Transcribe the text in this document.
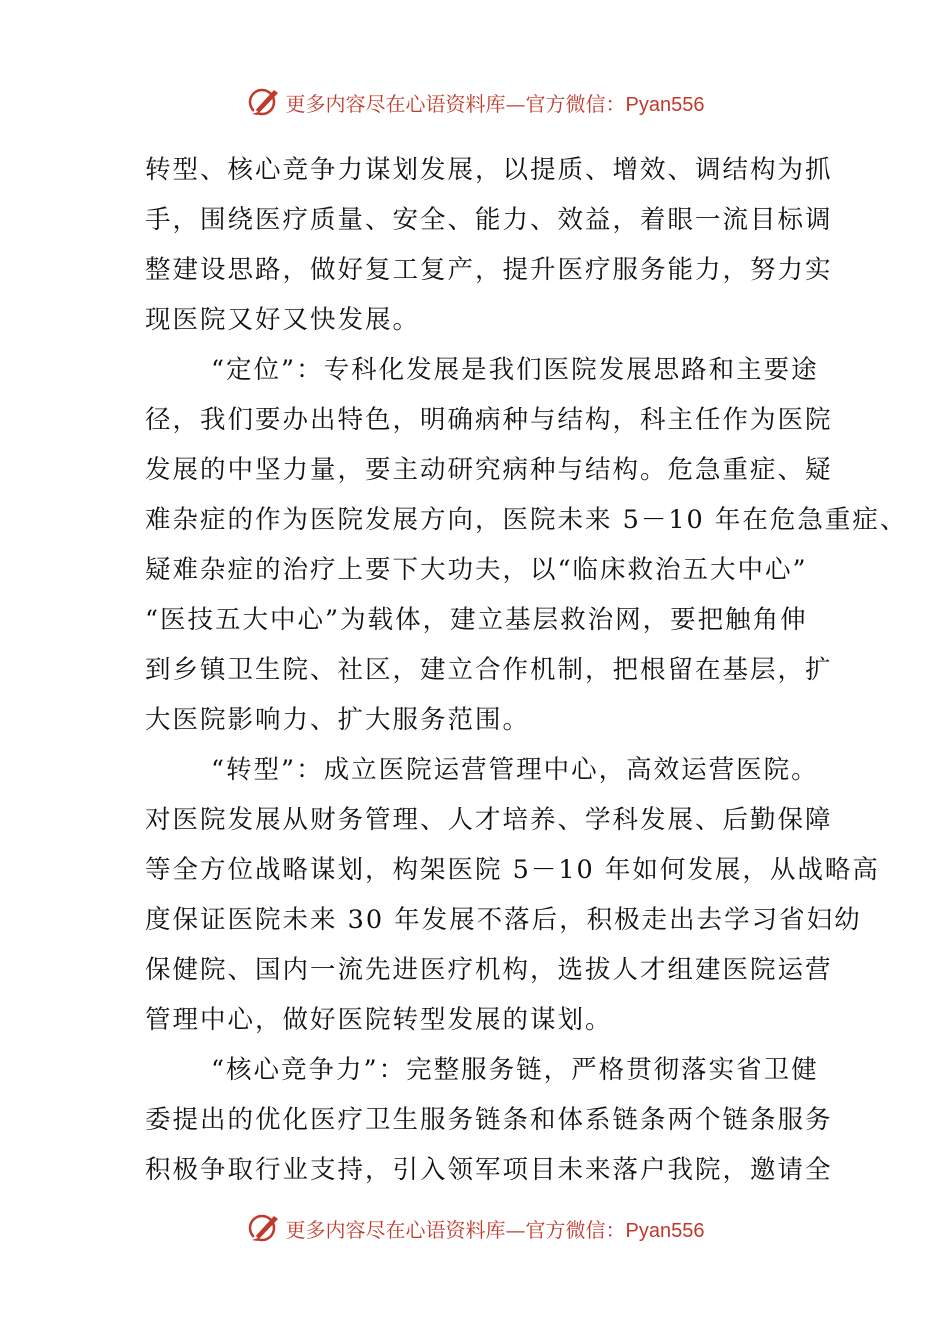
更多内容尽在心语资料库—官方微信：Pyan556
转型、核心竞争力谋划发展，以提质、增效、调结构为抓
手，围绕医疗质量、安全、能力、效益，着眼一流目标调
整建设思路，做好复工复产，提升医疗服务能力，努力实
现医院又好又快发展。
“定位”：专科化发展是我们医院发展思路和主要途
径，我们要办出特色，明确病种与结构，科主任作为医院
发展的中坚力量，要主动研究病种与结构。危急重症、疑
难杂症的作为医院发展方向，医院未来 5－10 年在危急重症、
疑难杂症的治疗上要下大功夫，以“临床救治五大中心”
“医技五大中心”为载体，建立基层救治网，要把触角伸
到乡镇卫生院、社区，建立合作机制，把根留在基层，扩
大医院影响力、扩大服务范围。
“转型”：成立医院运营管理中心，高效运营医院。
对医院发展从财务管理、人才培养、学科发展、后勤保障
等全方位战略谋划，构架医院 5－10 年如何发展，从战略高
度保证医院未来 30 年发展不落后，积极走出去学习省妇幼
保健院、国内一流先进医疗机构，选拔人才组建医院运营
管理中心，做好医院转型发展的谋划。
“核心竞争力”：完整服务链，严格贯彻落实省卫健
委提出的优化医疗卫生服务链条和体系链条两个链条服务
积极争取行业支持，引入领军项目未来落户我院，邀请全
更多内容尽在心语资料库—官方微信：Pyan556
